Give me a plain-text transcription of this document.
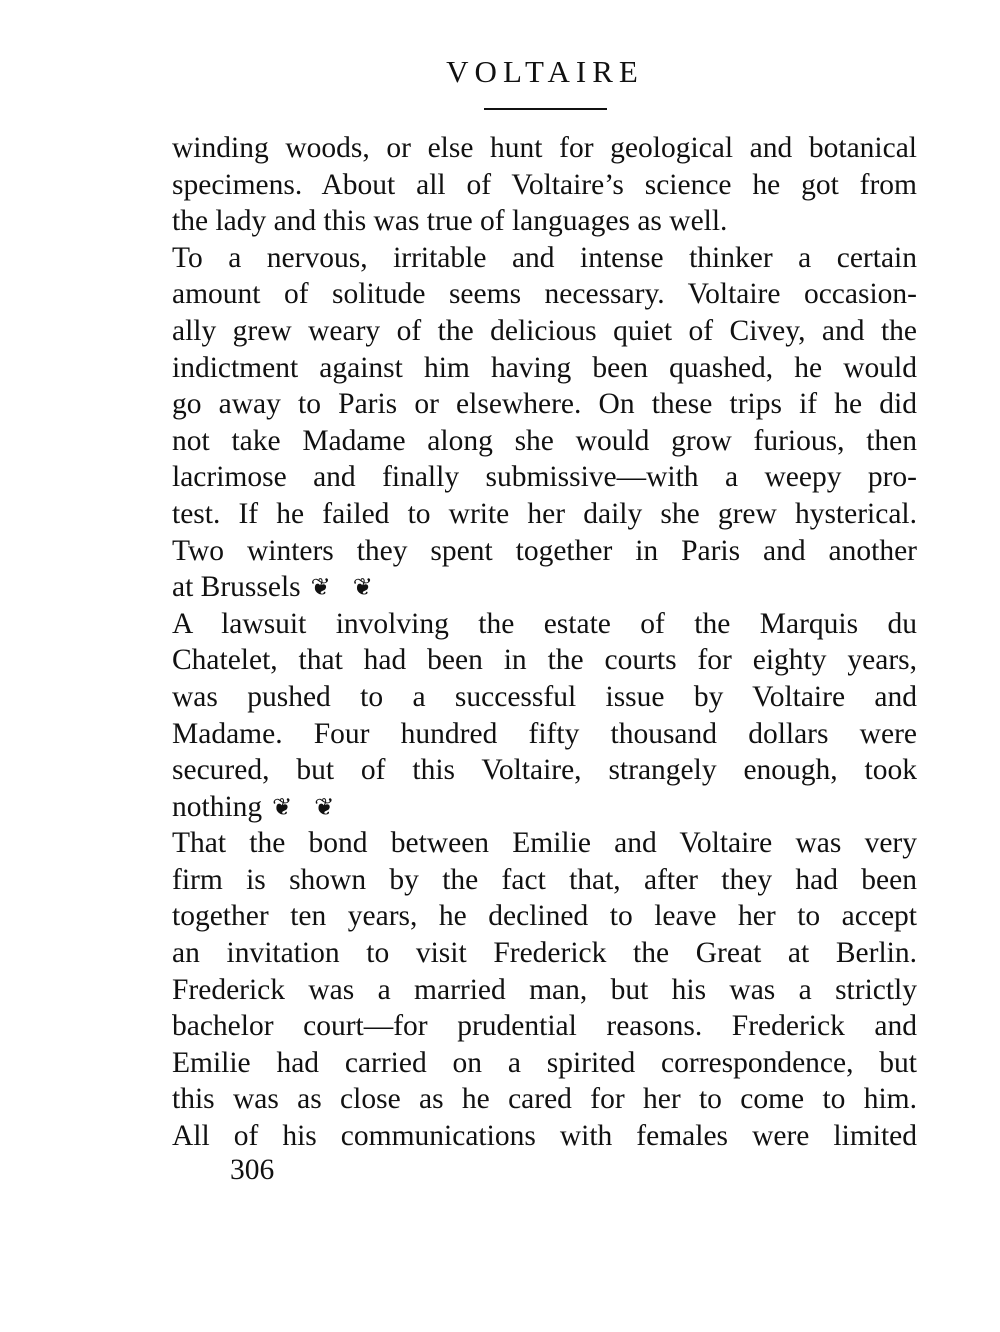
VOLTAIRE
winding woods, or else hunt for geological and botanical
specimens. About all of Voltaire’s science he got from
the lady and this was true of languages as well.
To a nervous, irritable and intense thinker a certain
amount of solitude seems necessary. Voltaire occasion-
ally grew weary of the delicious quiet of Civey, and the
indictment against him having been quashed, he would
go away to Paris or elsewhere. On these trips if he did
not take Madame along she would grow furious, then
lacrimose and finally submissive—with a weepy pro-
test. If he failed to write her daily she grew hysterical.
Two winters they spent together in Paris and another
at Brussels ❦ ❦
A lawsuit involving the estate of the Marquis du
Chatelet, that had been in the courts for eighty years,
was pushed to a successful issue by Voltaire and
Madame. Four hundred fifty thousand dollars were
secured, but of this Voltaire, strangely enough, took
nothing ❦ ❦
That the bond between Emilie and Voltaire was very
firm is shown by the fact that, after they had been
together ten years, he declined to leave her to accept
an invitation to visit Frederick the Great at Berlin.
Frederick was a married man, but his was a strictly
bachelor court—for prudential reasons. Frederick and
Emilie had carried on a spirited correspondence, but
this was as close as he cared for her to come to him.
All of his communications with females were limited
306
